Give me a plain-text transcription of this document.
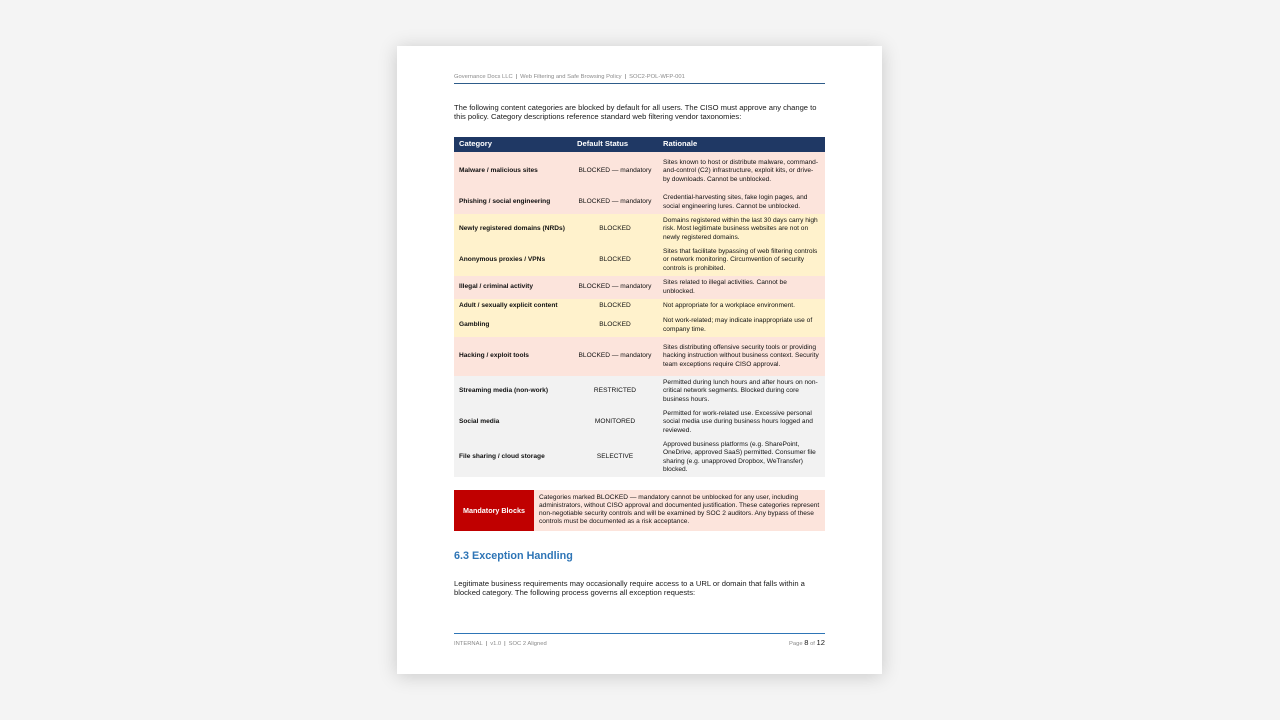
Governance Docs LLC | Web Filtering and Safe Browsing Policy | SOC2-POL-WFP-001
The following content categories are blocked by default for all users. The CISO must approve any change to this policy. Category descriptions reference standard web filtering vendor taxonomies:
Category	Default Status	Rationale
Malware / malicious sites	BLOCKED — mandatory	Sites known to host or distribute malware, command-and-control (C2) infrastructure, exploit kits, or drive-by downloads. Cannot be unblocked.
Phishing / social engineering	BLOCKED — mandatory	Credential-harvesting sites, fake login pages, and social engineering lures. Cannot be unblocked.
Newly registered domains (NRDs)	BLOCKED	Domains registered within the last 30 days carry high risk. Most legitimate business websites are not on newly registered domains.
Anonymous proxies / VPNs	BLOCKED	Sites that facilitate bypassing of web filtering controls or network monitoring. Circumvention of security controls is prohibited.
Illegal / criminal activity	BLOCKED — mandatory	Sites related to illegal activities. Cannot be unblocked.
Adult / sexually explicit content	BLOCKED	Not appropriate for a workplace environment.
Gambling	BLOCKED	Not work-related; may indicate inappropriate use of company time.
Hacking / exploit tools	BLOCKED — mandatory	Sites distributing offensive security tools or providing hacking instruction without business context. Security team exceptions require CISO approval.
Streaming media (non-work)	RESTRICTED	Permitted during lunch hours and after hours on non-critical network segments. Blocked during core business hours.
Social media	MONITORED	Permitted for work-related use. Excessive personal social media use during business hours logged and reviewed.
File sharing / cloud storage	SELECTIVE	Approved business platforms (e.g. SharePoint, OneDrive, approved SaaS) permitted. Consumer file sharing (e.g. unapproved Dropbox, WeTransfer) blocked.
Mandatory Blocks
Categories marked BLOCKED — mandatory cannot be unblocked for any user, including administrators, without CISO approval and documented justification. These categories represent non-negotiable security controls and will be examined by SOC 2 auditors. Any bypass of these controls must be documented as a risk acceptance.
6.3 Exception Handling
Legitimate business requirements may occasionally require access to a URL or domain that falls within a blocked category. The following process governs all exception requests:
INTERNAL | v1.0 | SOC 2 Aligned	Page 8 of 12
